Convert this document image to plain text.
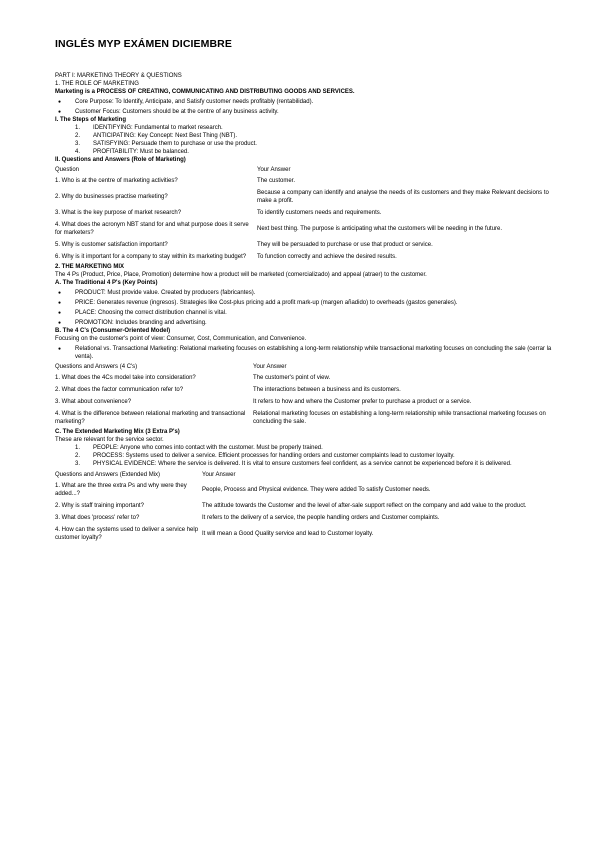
INGLÉS MYP EXÁMEN DICIEMBRE
PART I: MARKETING THEORY & QUESTIONS
1. THE ROLE OF MARKETING
Marketing is a PROCESS OF CREATING, COMMUNICATING AND DISTRIBUTING GOODS AND SERVICES.
● Core Purpose: To Identify, Anticipate, and Satisfy customer needs profitably (rentabilidad).
● Customer Focus: Customers should be at the centre of any business activity.
I. The Steps of Marketing
1. IDENTIFYING: Fundamental to market research.
2. ANTICIPATING: Key Concept: Next Best Thing (NBT).
3. SATISFYING: Persuade them to purchase or use the product.
4. PROFITABILITY: Must be balanced.
II. Questions and Answers (Role of Marketing)
Question	Your Answer
1. Who is at the centre of marketing activities?	The customer.
2. Why do businesses practise marketing?	Because a company can identify and analyse the needs of its customers and they make Relevant decisions to make a profit.
3. What is the key purpose of market research?	To identify customers needs and requirements.
4. What does the acronym NBT stand for and what purpose does it serve for marketers?	Next best thing. The purpose is anticipating what the customers will be needing in the future.
5. Why is customer satisfaction important?	They will be persuaded to purchase or use that product or service.
6. Why is it important for a company to stay within its marketing budget?	To function correctly and achieve the desired results.
2. THE MARKETING MIX
The 4 Ps (Product, Price, Place, Promotion) determine how a product will be marketed (comercializado) and appeal (atraer) to the customer.
A. The Traditional 4 P's (Key Points)
● PRODUCT: Must provide value. Created by producers (fabricantes).
● PRICE: Generates revenue (ingresos). Strategies like Cost-plus pricing add a profit mark-up (margen añadido) to overheads (gastos generales).
● PLACE: Choosing the correct distribution channel is vital.
● PROMOTION: Includes branding and advertising.
B. The 4 C's (Consumer-Oriented Model)
Focusing on the customer's point of view: Consumer, Cost, Communication, and Convenience.
● Relational vs. Transactional Marketing: Relational marketing focuses on establishing a long-term relationship while transactional marketing focuses on concluding the sale (cerrar la venta).
Questions and Answers (4 C's)	Your Answer
1. What does the 4Cs model take into consideration?	The customer's point of view.
2. What does the factor communication refer to?	The interactions between a business and its customers.
3. What about convenience?	It refers to how and where the Customer prefer to purchase a product or a service.
4. What is the difference between relational marketing and transactional marketing?	Relational marketing focuses on establishing a long-term relationship while transactional marketing focuses on concluding the sale.
C. The Extended Marketing Mix (3 Extra P's)
These are relevant for the service sector.
1. PEOPLE: Anyone who comes into contact with the customer. Must be properly trained.
2. PROCESS: Systems used to deliver a service. Efficient processes for handling orders and customer complaints lead to customer loyalty.
3. PHYSICAL EVIDENCE: Where the service is delivered. It is vital to ensure customers feel confident, as a service cannot be experienced before it is delivered.
Questions and Answers (Extended Mix)	Your Answer
1. What are the three extra Ps and why were they added...?	People, Process and Physical evidence. They were added To satisfy Customer needs.
2. Why is staff training important?	The attitude towards the Customer and the level of after-sale support reflect on the company and add value to the product.
3. What does 'process' refer to?	It refers to the delivery of a service, the people handling orders and Customer complaints.
4. How can the systems used to deliver a service help customer loyalty?	It will mean a Good Quality service and lead to Customer loyalty.
